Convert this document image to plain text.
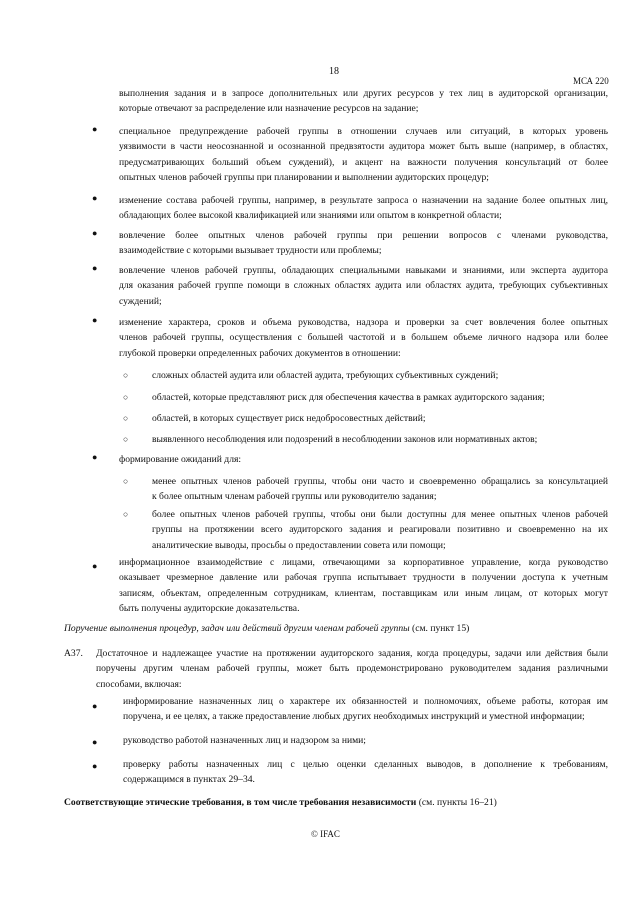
18
МСА 220
выполнения задания и в запросе дополнительных или других ресурсов у тех лиц в аудиторской организации,
которые отвечают за распределение или назначение ресурсов на задание;
● специальное предупреждение рабочей группы в отношении случаев или ситуаций, в которых уровень
уязвимости в части неосознанной и осознанной предвзятости аудитора может быть выше (например, в областях,
предусматривающих больший объем суждений), и акцент на важности получения консультаций от более
опытных членов рабочей группы при планировании и выполнении аудиторских процедур;
● изменение состава рабочей группы, например, в результате запроса о назначении на задание более опытных лиц,
обладающих более высокой квалификацией или знаниями или опытом в конкретной области;
● вовлечение более опытных членов рабочей группы при решении вопросов с членами руководства,
взаимодействие с которыми вызывает трудности или проблемы;
● вовлечение членов рабочей группы, обладающих специальными навыками и знаниями, или эксперта аудитора
для оказания рабочей группе помощи в сложных областях аудита или областях аудита, требующих субъективных
суждений;
● изменение характера, сроков и объема руководства, надзора и проверки за счет вовлечения более опытных
членов рабочей группы, осуществления с большей частотой и в большем объеме личного надзора или более
глубокой проверки определенных рабочих документов в отношении:
○ сложных областей аудита или областей аудита, требующих субъективных суждений;
○ областей, которые представляют риск для обеспечения качества в рамках аудиторского задания;
○ областей, в которых существует риск недобросовестных действий;
○ выявленного несоблюдения или подозрений в несоблюдении законов или нормативных актов;
● формирование ожиданий для:
○ менее опытных членов рабочей группы, чтобы они часто и своевременно обращались за консультацией
к более опытным членам рабочей группы или руководителю задания;
○ более опытных членов рабочей группы, чтобы они были доступны для менее опытных членов рабочей
группы на протяжении всего аудиторского задания и реагировали позитивно и своевременно на их
аналитические выводы, просьбы о предоставлении совета или помощи;
● информационное взаимодействие с лицами, отвечающими за корпоративное управление, когда руководство
оказывает чрезмерное давление или рабочая группа испытывает трудности в получении доступа к учетным
записям, объектам, определенным сотрудникам, клиентам, поставщикам или иным лицам, от которых могут
быть получены аудиторские доказательства.
Поручение выполнения процедур, задач или действий другим членам рабочей группы (см. пункт 15)
A37. Достаточное и надлежащее участие на протяжении аудиторского задания, когда процедуры, задачи или действия были
поручены другим членам рабочей группы, может быть продемонстрировано руководителем задания различными
способами, включая:
●	информирование назначенных лиц о характере их обязанностей и полномочиях, объеме работы, которая им
поручена, и ее целях, а также предоставление любых других необходимых инструкций и уместной информации;
●	руководство работой назначенных лиц и надзором за ними;
●	проверку работы назначенных лиц с целью оценки сделанных выводов, в дополнение к требованиям,
содержащимся в пунктах 29–34.
Соответствующие этические требования, в том числе требования независимости (см. пункты 16–21)
© IFAC
